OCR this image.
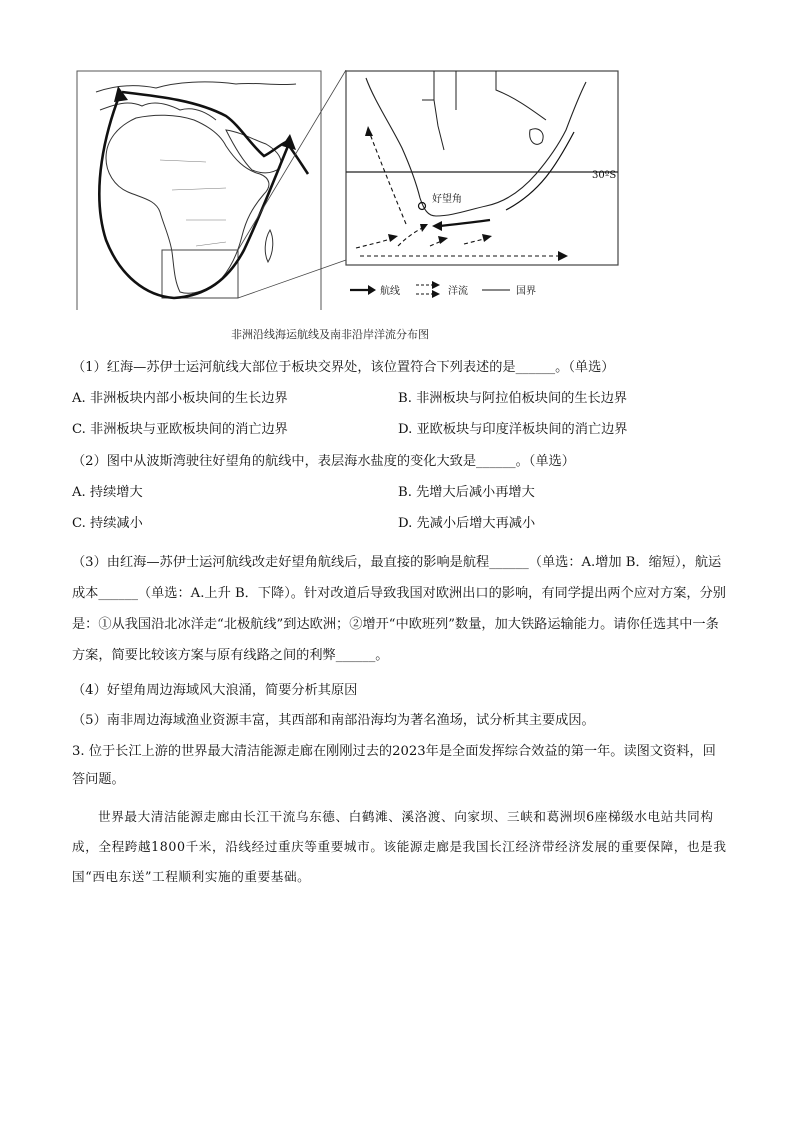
30ºS
好望角
航线	洋流	国界
非洲沿线海运航线及南非沿岸洋流分布图
（1）红海—苏伊士运河航线大部位于板块交界处，该位置符合下列表述的是______。（单选）
A. 非洲板块内部小板块间的生长边界	B. 非洲板块与阿拉伯板块间的生长边界
C. 非洲板块与亚欧板块间的消亡边界	D. 亚欧板块与印度洋板块间的消亡边界
（2）图中从波斯湾驶往好望角的航线中，表层海水盐度的变化大致是______。（单选）
A. 持续增大	B. 先增大后减小再增大
C. 持续减小	D. 先减小后增大再减小
（3）由红海—苏伊士运河航线改走好望角航线后，最直接的影响是航程______（单选：A.增加 B．缩短），航运成本______（单选：A.上升 B．下降）。针对改道后导致我国对欧洲出口的影响，有同学提出两个应对方案，分别是：①从我国沿北冰洋走“北极航线”到达欧洲；②增开“中欧班列”数量，加大铁路运输能力。请你任选其中一条方案，简要比较该方案与原有线路之间的利弊______。
（4）好望角周边海域风大浪涌，简要分析其原因
（5）南非周边海域渔业资源丰富，其西部和南部沿海均为著名渔场，试分析其主要成因。
3. 位于长江上游的世界最大清洁能源走廊在刚刚过去的2023年是全面发挥综合效益的第一年。读图文资料，回答问题。
世界最大清洁能源走廊由长江干流乌东德、白鹤滩、溪洛渡、向家坝、三峡和葛洲坝6座梯级水电站共同构成，全程跨越1800千米，沿线经过重庆等重要城市。该能源走廊是我国长江经济带经济发展的重要保障，也是我国“西电东送”工程顺利实施的重要基础。
